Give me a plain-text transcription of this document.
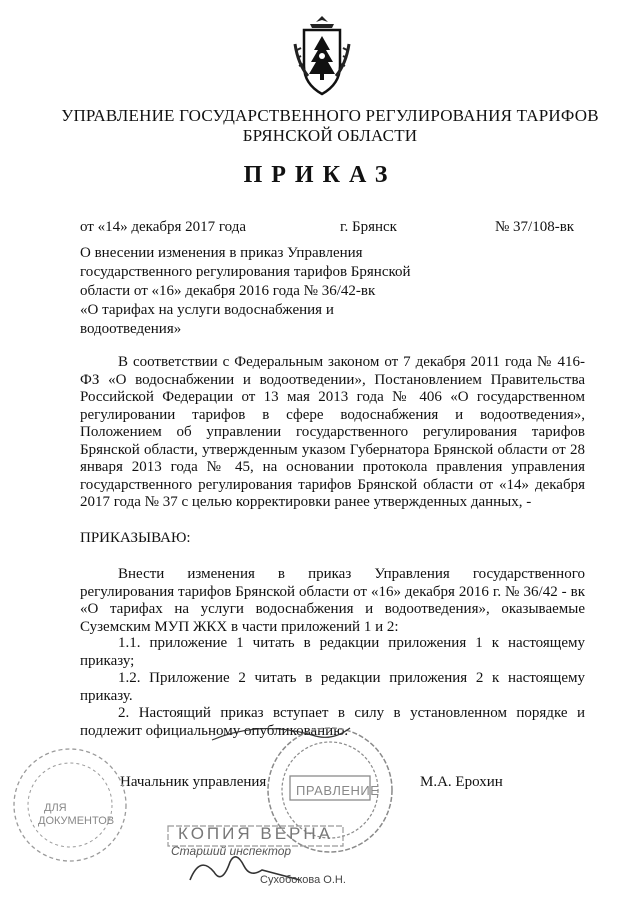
УПРАВЛЕНИЕ ГОСУДАРСТВЕННОГО РЕГУЛИРОВАНИЯ ТАРИФОВ
БРЯНСКОЙ ОБЛАСТИ
ПРИКАЗ
от «14» декабря 2017 года	г. Брянск	№ 37/108-вк
О внесении изменения в приказ Управления
государственного регулирования тарифов Брянской
области от «16» декабря 2016 года № 36/42-вк
«О тарифах на услуги водоснабжения и
водоотведения»
В соответствии с Федеральным законом от 7 декабря 2011 года № 416-ФЗ «О водоснабжении и водоотведении», Постановлением Правительства Российской Федерации от 13 мая 2013 года № 406 «О государственном регулировании тарифов в сфере водоснабжения и водоотведения», Положением об управлении государственного регулирования тарифов Брянской области, утвержденным указом Губернатора Брянской области от 28 января 2013 года № 45, на основании протокола правления управления государственного регулирования тарифов Брянской области от «14» декабря 2017 года № 37 с целью корректировки ранее утвержденных данных, -
ПРИКАЗЫВАЮ:
Внести изменения в приказ Управления государственного регулирования тарифов Брянской области от «16» декабря 2016 г. № 36/42 - вк «О тарифах на услуги водоснабжения и водоотведения», оказываемые Суземским МУП ЖКХ в части приложений 1 и 2:
1.1. приложение 1 читать в редакции приложения 1 к настоящему приказу;
1.2. Приложение 2 читать в редакции приложения 2 к настоящему приказу.
2. Настоящий приказ вступает в силу в установленном порядке и подлежит официальному опубликованию.
Начальник управления	М.А. Ерохин
ПРАВЛЕНИЕ
ДЛЯ
ДОКУМЕНТОВ
КОПИЯ ВЕРНА
Старший инспектор
Сухобокова О.Н.
